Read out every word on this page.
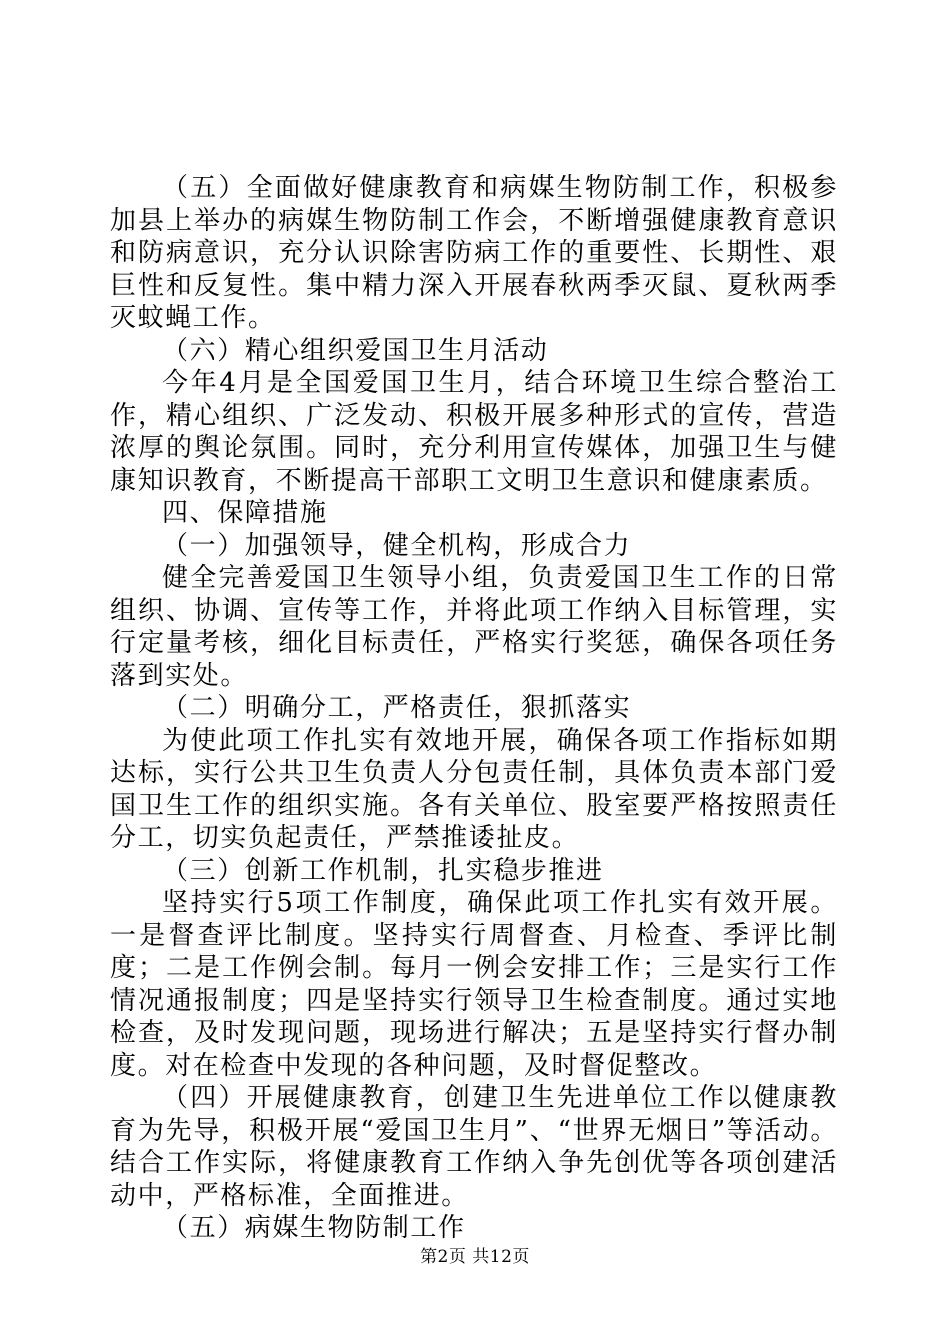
（五）全面做好健康教育和病媒生物防制工作，积极参加县上举办的病媒生物防制工作会，不断增强健康教育意识和防病意识，充分认识除害防病工作的重要性、长期性、艰巨性和反复性。集中精力深入开展春秋两季灭鼠、夏秋两季灭蚊蝇工作。

（六）精心组织爱国卫生月活动

今年4月是全国爱国卫生月，结合环境卫生综合整治工作，精心组织、广泛发动、积极开展多种形式的宣传，营造浓厚的舆论氛围。同时，充分利用宣传媒体，加强卫生与健康知识教育，不断提高干部职工文明卫生意识和健康素质。

四、保障措施

（一）加强领导，健全机构，形成合力

健全完善爱国卫生领导小组，负责爱国卫生工作的日常组织、协调、宣传等工作，并将此项工作纳入目标管理，实行定量考核，细化目标责任，严格实行奖惩，确保各项任务落到实处。

（二）明确分工，严格责任，狠抓落实

为使此项工作扎实有效地开展，确保各项工作指标如期达标，实行公共卫生负责人分包责任制，具体负责本部门爱国卫生工作的组织实施。各有关单位、股室要严格按照责任分工，切实负起责任，严禁推诿扯皮。

（三）创新工作机制，扎实稳步推进

坚持实行5项工作制度，确保此项工作扎实有效开展。一是督查评比制度。坚持实行周督查、月检查、季评比制度；二是工作例会制。每月一例会安排工作；三是实行工作情况通报制度；四是坚持实行领导卫生检查制度。通过实地检查，及时发现问题，现场进行解决；五是坚持实行督办制度。对在检查中发现的各种问题，及时督促整改。

（四）开展健康教育，创建卫生先进单位工作以健康教育为先导，积极开展“爱国卫生月”、“世界无烟日”等活动。结合工作实际，将健康教育工作纳入争先创优等各项创建活动中，严格标准，全面推进。

（五）病媒生物防制工作

第2页 共12页
